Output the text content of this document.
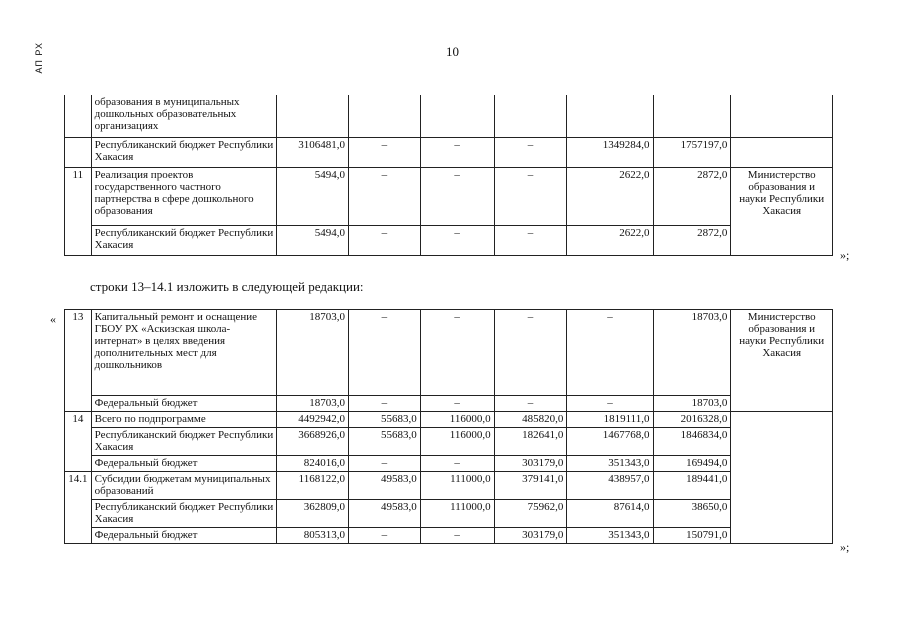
АП РХ	10
	образования в муниципальных дошкольных образовательных организациях							
	Республиканский бюджет Республики Хакасия	3106481,0	–	–	–	1349284,0	1757197,0	
11	Реализация проектов государственного частного партнерства в сфере дошкольного образования	5494,0	–	–	–	2622,0	2872,0	Министерство образования и науки Республики Хакасия
	Республиканский бюджет Республики Хакасия	5494,0	–	–	–	2622,0	2872,0	
»;
строки 13–14.1 изложить в следующей редакции:
« 13	Капитальный ремонт и оснащение ГБОУ РХ «Аскизская школа-интернат» в целях введения дополнительных мест для дошкольников	18703,0	–	–	–	–	18703,0	Министерство образования и науки Республики Хакасия
	Федеральный бюджет	18703,0	–	–	–	–	18703,0	
14	Всего по подпрограмме	4492942,0	55683,0	116000,0	485820,0	1819111,0	2016328,0	
	Республиканский бюджет Республики Хакасия	3668926,0	55683,0	116000,0	182641,0	1467768,0	1846834,0	
	Федеральный бюджет	824016,0	–	–	303179,0	351343,0	169494,0	
14.1	Субсидии бюджетам муниципальных образований	1168122,0	49583,0	111000,0	379141,0	438957,0	189441,0	
	Республиканский бюджет Республики Хакасия	362809,0	49583,0	111000,0	75962,0	87614,0	38650,0	
	Федеральный бюджет	805313,0	–	–	303179,0	351343,0	150791,0	
»;
